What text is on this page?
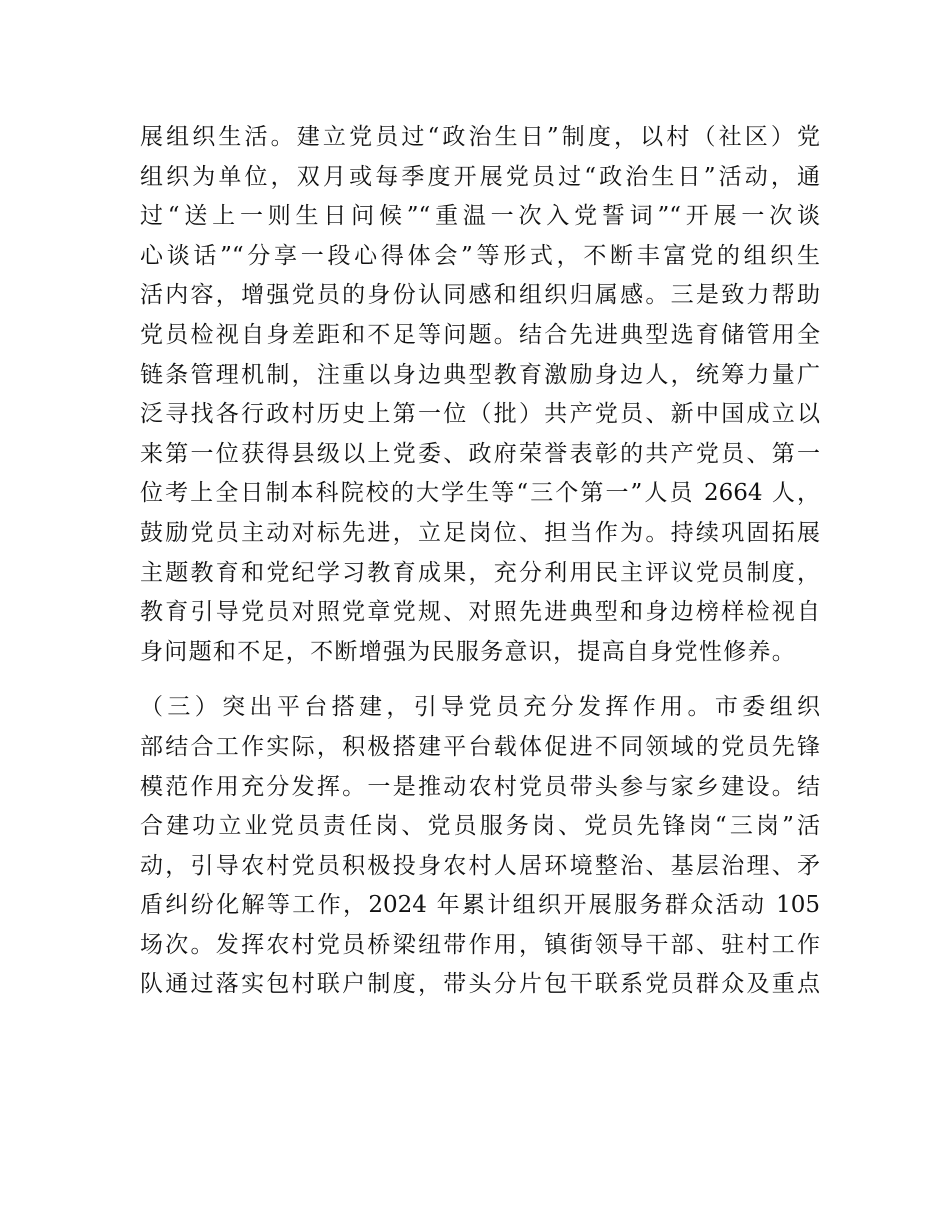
展组织生活。建立党员过“政治生日”制度，以村（社区）党
组织为单位，双月或每季度开展党员过“政治生日”活动，通
过“送上一则生日问候”“重温一次入党誓词”“开展一次谈
心谈话”“分享一段心得体会”等形式，不断丰富党的组织生
活内容，增强党员的身份认同感和组织归属感。三是致力帮助
党员检视自身差距和不足等问题。结合先进典型选育储管用全
链条管理机制，注重以身边典型教育激励身边人，统筹力量广
泛寻找各行政村历史上第一位（批）共产党员、新中国成立以
来第一位获得县级以上党委、政府荣誉表彰的共产党员、第一
位考上全日制本科院校的大学生等“三个第一”人员 2664 人，
鼓励党员主动对标先进，立足岗位、担当作为。持续巩固拓展
主题教育和党纪学习教育成果，充分利用民主评议党员制度，
教育引导党员对照党章党规、对照先进典型和身边榜样检视自
身问题和不足，不断增强为民服务意识，提高自身党性修养。
（三）突出平台搭建，引导党员充分发挥作用。市委组织
部结合工作实际，积极搭建平台载体促进不同领域的党员先锋
模范作用充分发挥。一是推动农村党员带头参与家乡建设。结
合建功立业党员责任岗、党员服务岗、党员先锋岗“三岗”活
动，引导农村党员积极投身农村人居环境整治、基层治理、矛
盾纠纷化解等工作，2024 年累计组织开展服务群众活动 105
场次。发挥农村党员桥梁纽带作用，镇街领导干部、驻村工作
队通过落实包村联户制度，带头分片包干联系党员群众及重点
